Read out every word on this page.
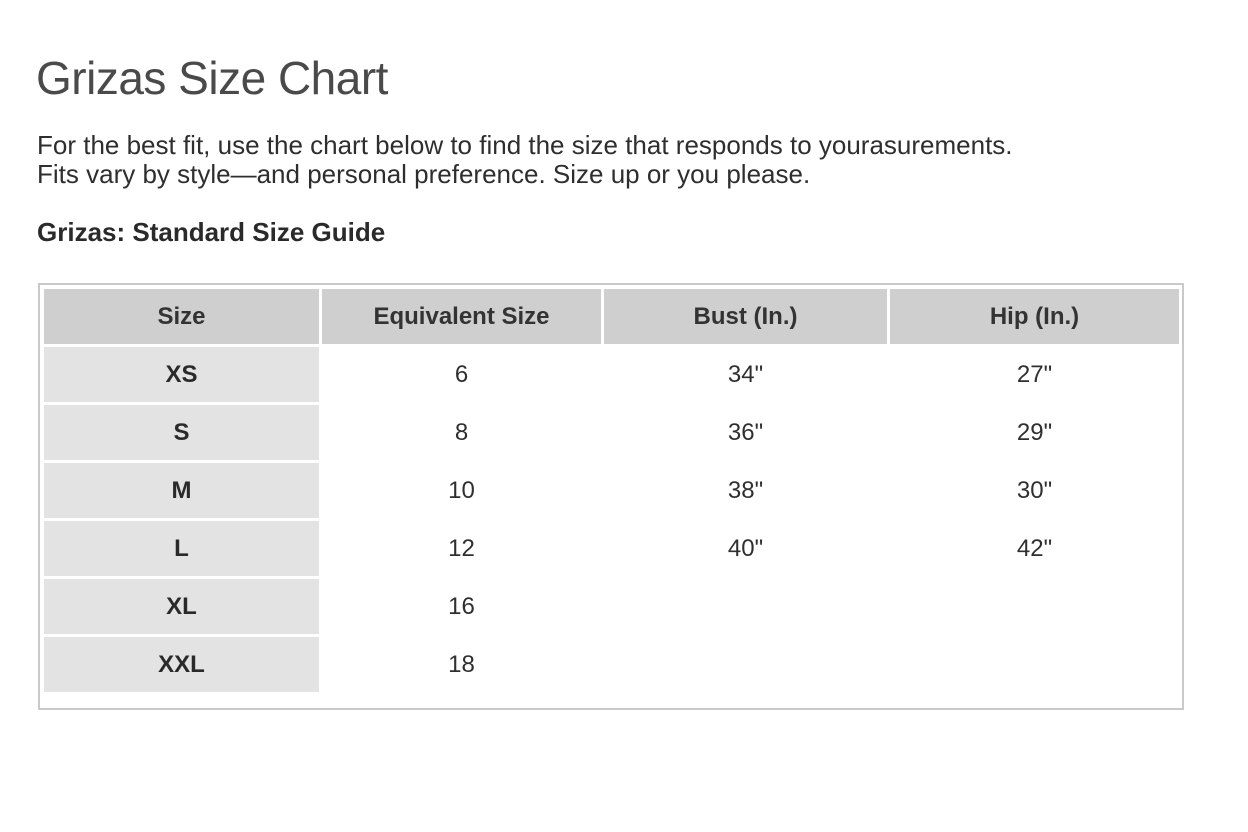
Grizas Size Chart

For the best fit, use the chart below to find the size that responds to yourasurements.
Fits vary by style—and personal preference. Size up or you please.

Grizas: Standard Size Guide
Size	Equivalent Size	Bust (In.)	Hip (In.)
XS	6	34"	27"
S	8	36"	29"
M	10	38"	30"
L	12	40"	42"
XL	16		
XXL	18		
